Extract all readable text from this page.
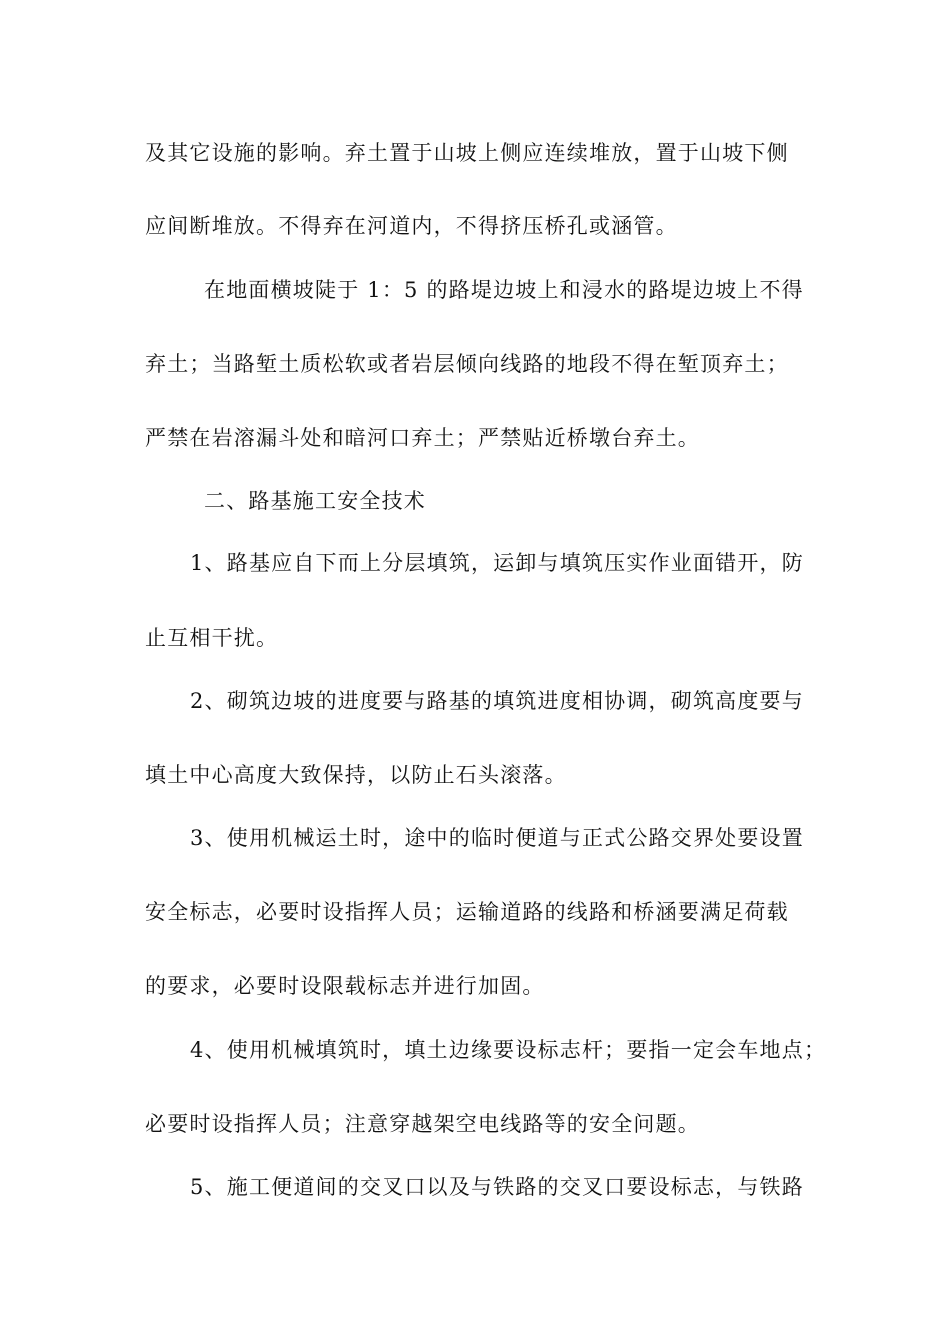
及其它设施的影响。弃土置于山坡上侧应连续堆放，置于山坡下侧
应间断堆放。不得弃在河道内，不得挤压桥孔或涵管。
在地面横坡陡于 1：5 的路堤边坡上和浸水的路堤边坡上不得
弃土；当路堑土质松软或者岩层倾向线路的地段不得在堑顶弃土；
严禁在岩溶漏斗处和暗河口弃土；严禁贴近桥墩台弃土。
二、路基施工安全技术
1、路基应自下而上分层填筑，运卸与填筑压实作业面错开，防
止互相干扰。
2、砌筑边坡的进度要与路基的填筑进度相协调，砌筑高度要与
填土中心高度大致保持，以防止石头滚落。
3、使用机械运土时，途中的临时便道与正式公路交界处要设置
安全标志，必要时设指挥人员；运输道路的线路和桥涵要满足荷载
的要求，必要时设限载标志并进行加固。
4、使用机械填筑时，填土边缘要设标志杆；要指一定会车地点；
必要时设指挥人员；注意穿越架空电线路等的安全问题。
5、施工便道间的交叉口以及与铁路的交叉口要设标志，与铁路
